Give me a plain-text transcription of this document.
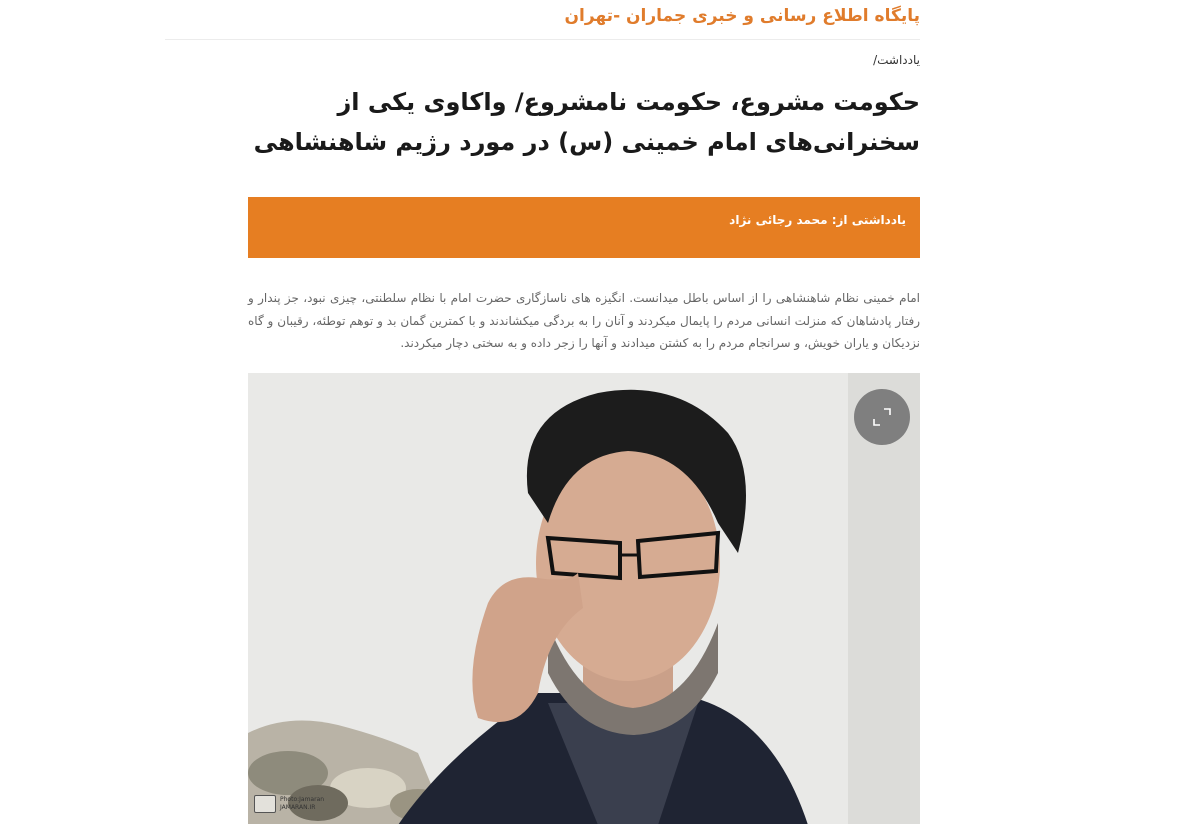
پایگاه اطلاع رسانی و خبری جماران -تهران
یادداشت/
حکومت مشروع، حکومت نامشروع/ واکاوی یکی از سخنرانی‌های امام خمینی (س) در مورد رژیم شاهنشاهی
یادداشتی از: محمد رجائی نژاد

امام خمینی نظام شاهنشاهی را از اساس باطل میدانست. انگیزه های ناسازگاری حضرت امام با نظام سلطنتی، چیزی نبود، جز پندار و رفتار پادشاهان که منزلت انسانی مردم را پایمال میکردند و آنان را به بردگی میکشاندند و با کمترین گمان بد و توهم توطئه، رقیبان و گاه نزدیکان و یاران خویش، و سرانجام مردم را به کشتن میدادند و آنها را زجر داده و به سختی دچار میکردند.

Photo:Jamaran
JAMARAN.IR
